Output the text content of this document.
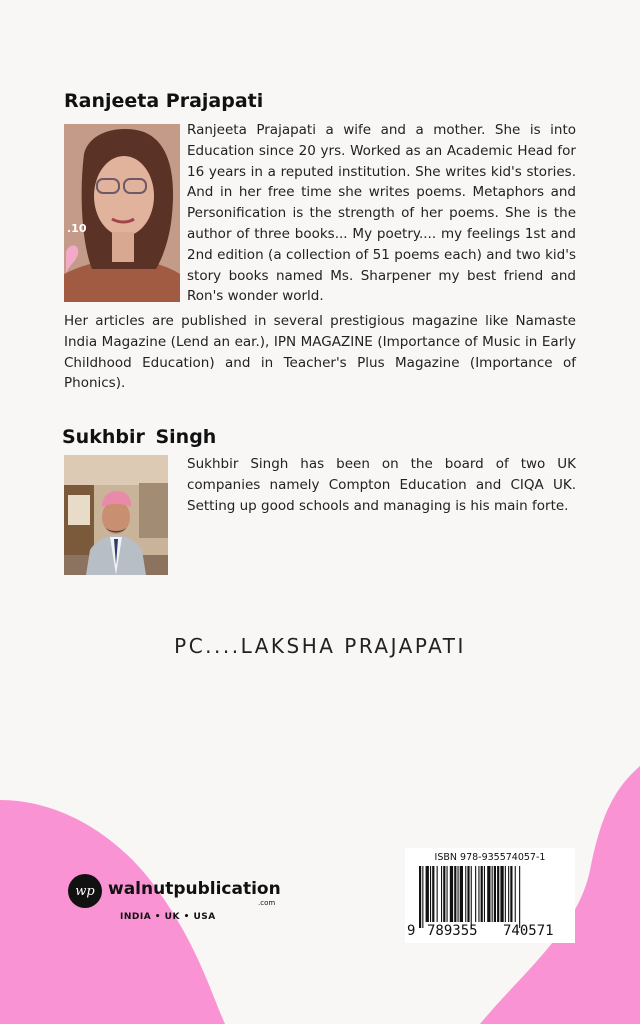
Ranjeeta Prajapati
.10

Ranjeeta Prajapati a wife and a mother. She is into Education since 20 yrs. Worked as an Academic Head for 16 years in a reputed institution. She writes kid's stories. And in her free time she writes poems. Metaphors and Personification is the strength of her poems. She is the author of three books... My poetry.... my feelings 1st and 2nd edition (a collection of 51 poems each) and two kid's story books named Ms. Sharpener my best friend and Ron's wonder world.

Her articles are published in several prestigious magazine like Namaste India Magazine (Lend an ear.), IPN MAGAZINE (Importance of Music in Early Childhood Education) and in Teacher's Plus Magazine (Importance of Phonics).

Sukhbir Singh

Sukhbir Singh has been on the board of two UK companies namely Compton Education and CIQA UK. Setting up good schools and managing is his main forte.

PC....LAKSHA PRAJAPATI
wp walnutpublication
.com
INDIA • UK • USA
ISBN 978-935574057-1
9 789355 740571
